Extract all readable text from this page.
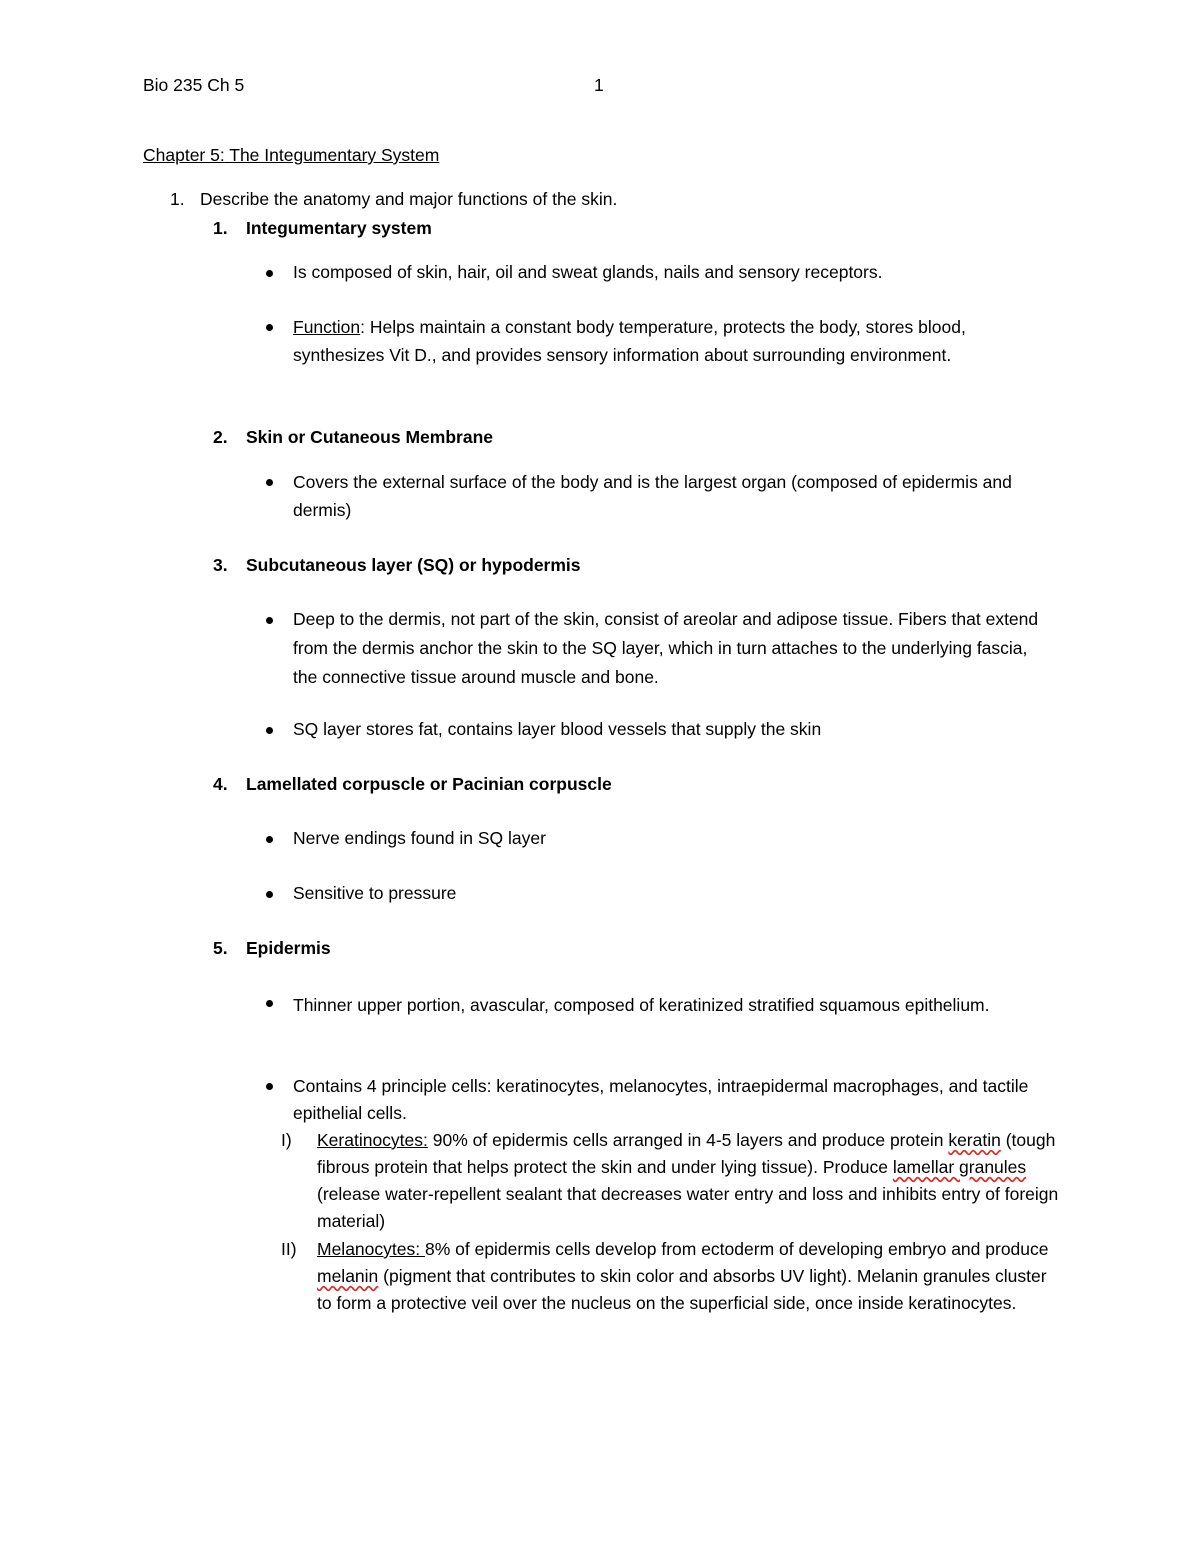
Bio 235 Ch 5	1
Chapter 5: The Integumentary System
1. Describe the anatomy and major functions of the skin.
1. Integumentary system
Is composed of skin, hair, oil and sweat glands, nails and sensory receptors.
Function: Helps maintain a constant body temperature, protects the body, stores blood, synthesizes Vit D., and provides sensory information about surrounding environment.
2. Skin or Cutaneous Membrane
Covers the external surface of the body and is the largest organ (composed of epidermis and dermis)
3. Subcutaneous layer (SQ) or hypodermis
Deep to the dermis, not part of the skin, consist of areolar and adipose tissue. Fibers that extend from the dermis anchor the skin to the SQ layer, which in turn attaches to the underlying fascia, the connective tissue around muscle and bone.
SQ layer stores fat, contains layer blood vessels that supply the skin
4. Lamellated corpuscle or Pacinian corpuscle
Nerve endings found in SQ layer
Sensitive to pressure
5. Epidermis
Thinner upper portion, avascular, composed of keratinized stratified squamous epithelium.
Contains 4 principle cells: keratinocytes, melanocytes, intraepidermal macrophages, and tactile epithelial cells.
I) Keratinocytes: 90% of epidermis cells arranged in 4-5 layers and produce protein keratin (tough fibrous protein that helps protect the skin and under lying tissue). Produce lamellar granules (release water-repellent sealant that decreases water entry and loss and inhibits entry of foreign material)
II) Melanocytes: 8% of epidermis cells develop from ectoderm of developing embryo and produce melanin (pigment that contributes to skin color and absorbs UV light). Melanin granules cluster to form a protective veil over the nucleus on the superficial side, once inside keratinocytes.
